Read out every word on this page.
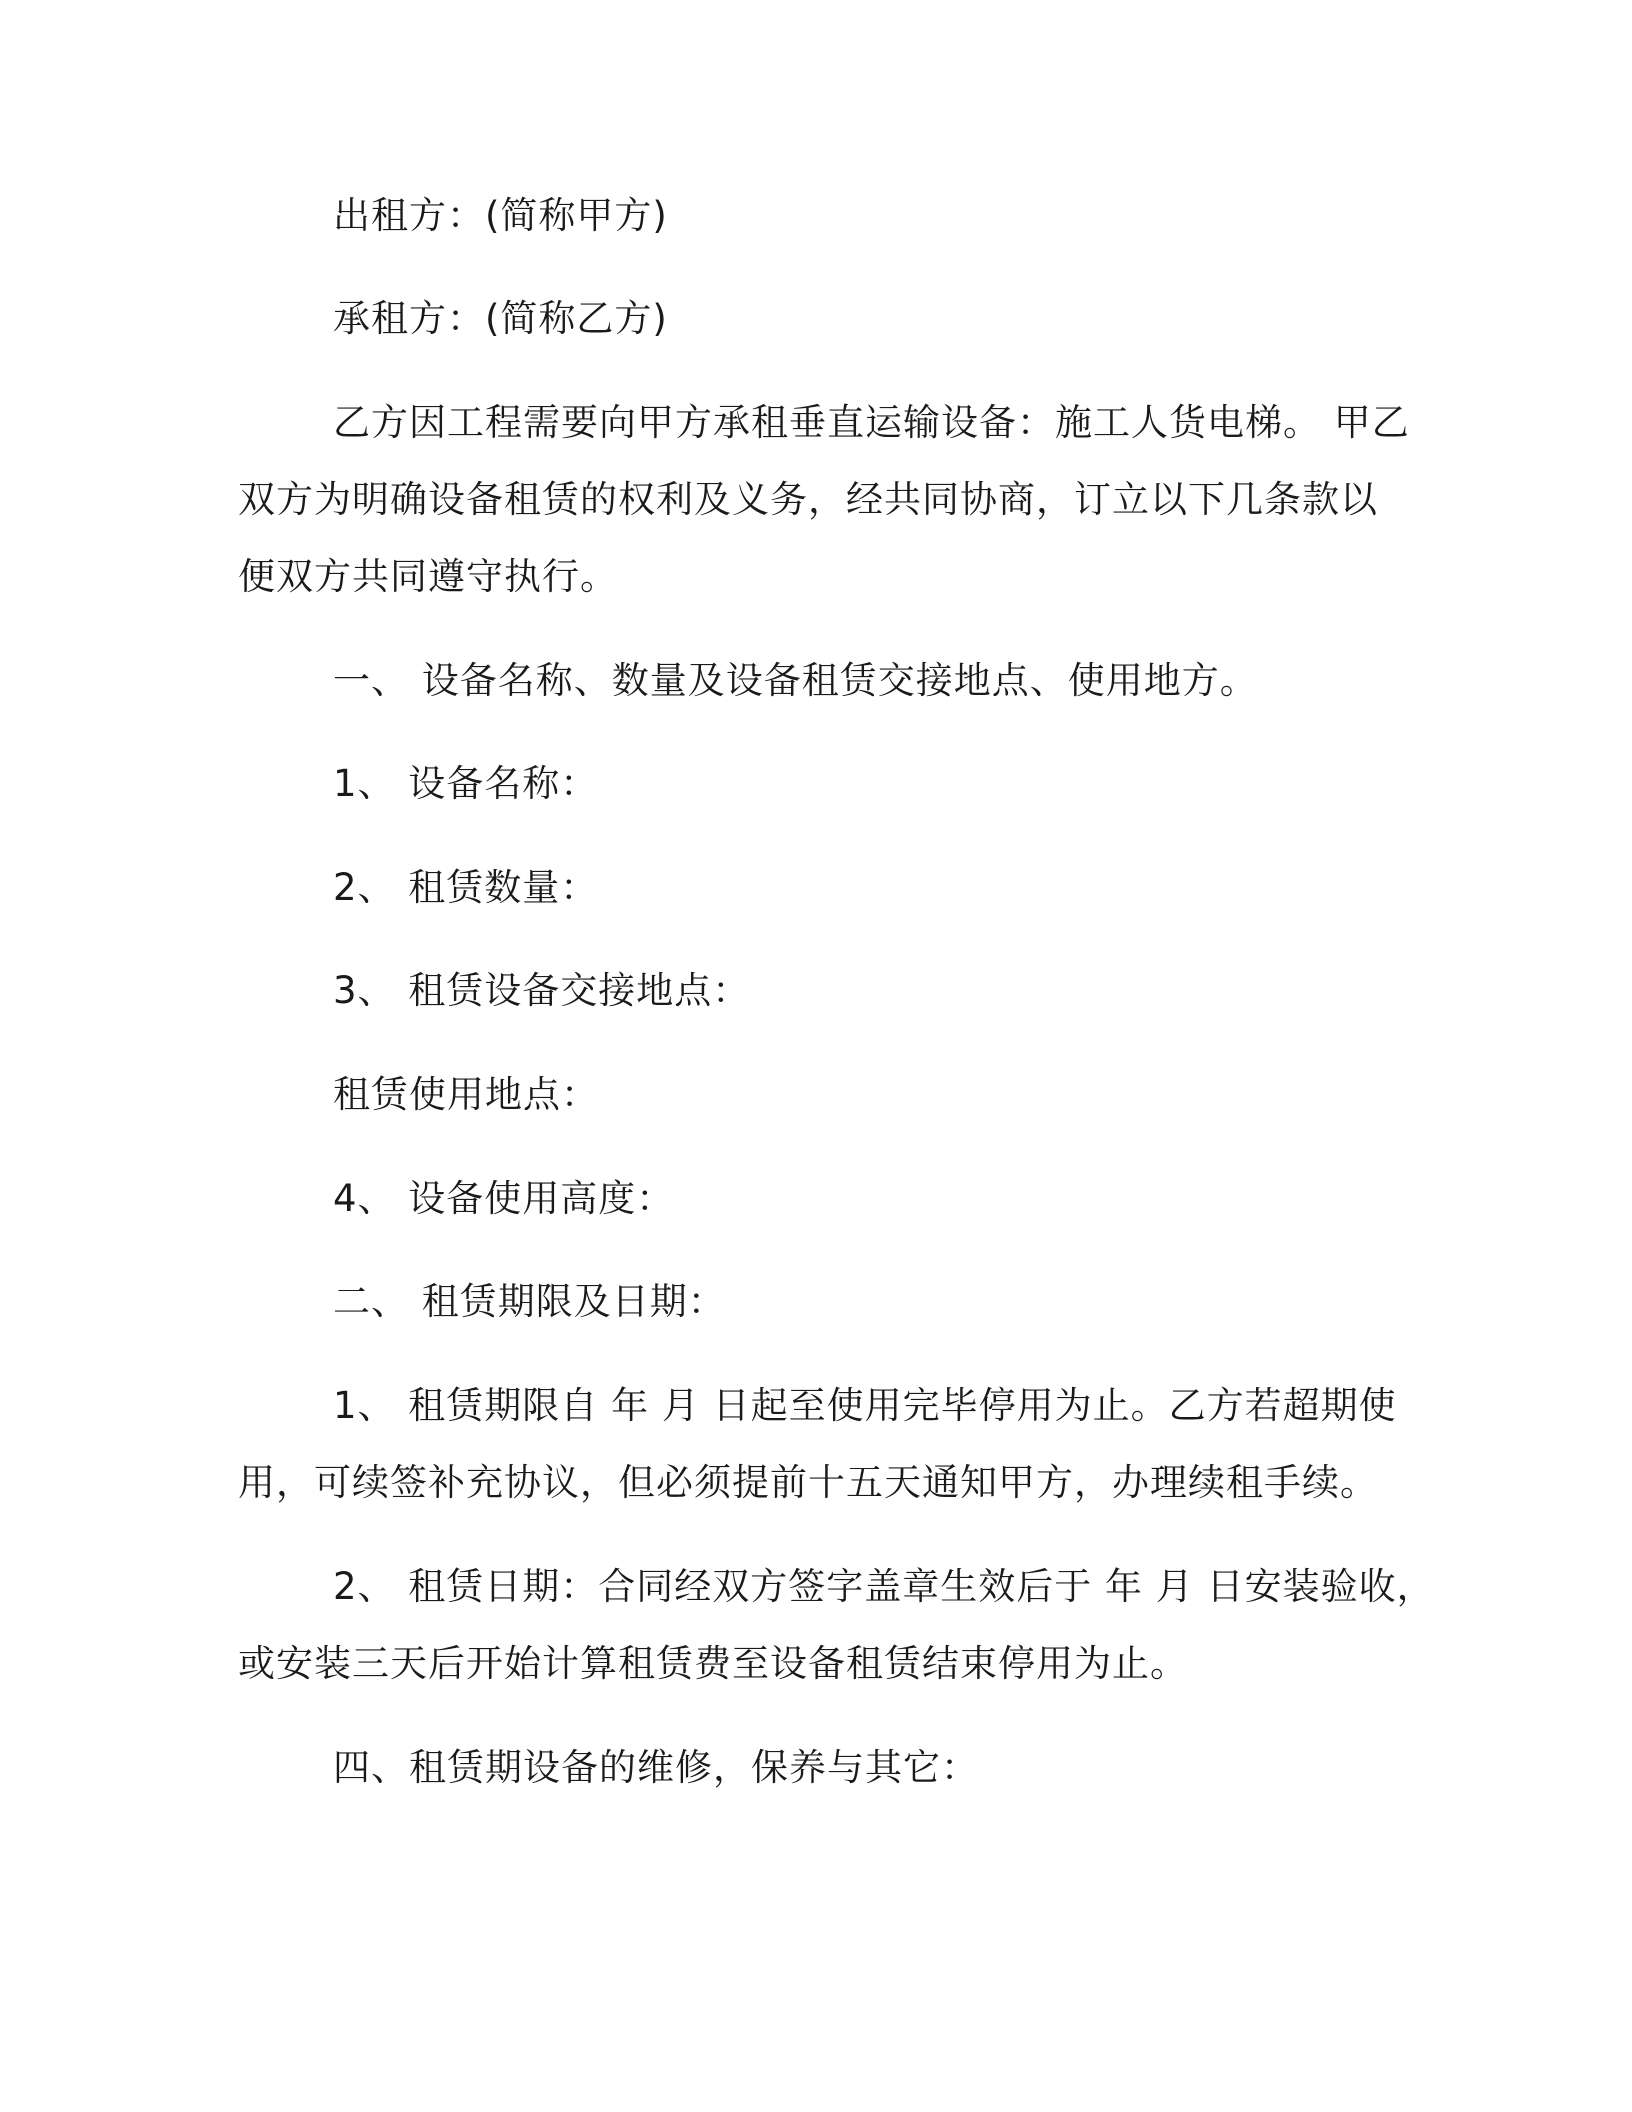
出租方：(简称甲方)
承租方：(简称乙方)
乙方因工程需要向甲方承租垂直运输设备：施工人货电梯。 甲乙
双方为明确设备租赁的权利及义务，经共同协商，订立以下几条款以
便双方共同遵守执行。
一、 设备名称、数量及设备租赁交接地点、使用地方。
1、 设备名称：
2、 租赁数量：
3、 租赁设备交接地点：
租赁使用地点：
4、 设备使用高度：
二、 租赁期限及日期：
1、 租赁期限自 年 月 日起至使用完毕停用为止。乙方若超期使
用，可续签补充协议，但必须提前十五天通知甲方，办理续租手续。
2、 租赁日期：合同经双方签字盖章生效后于 年 月 日安装验收，
或安装三天后开始计算租赁费至设备租赁结束停用为止。
四、租赁期设备的维修，保养与其它：
